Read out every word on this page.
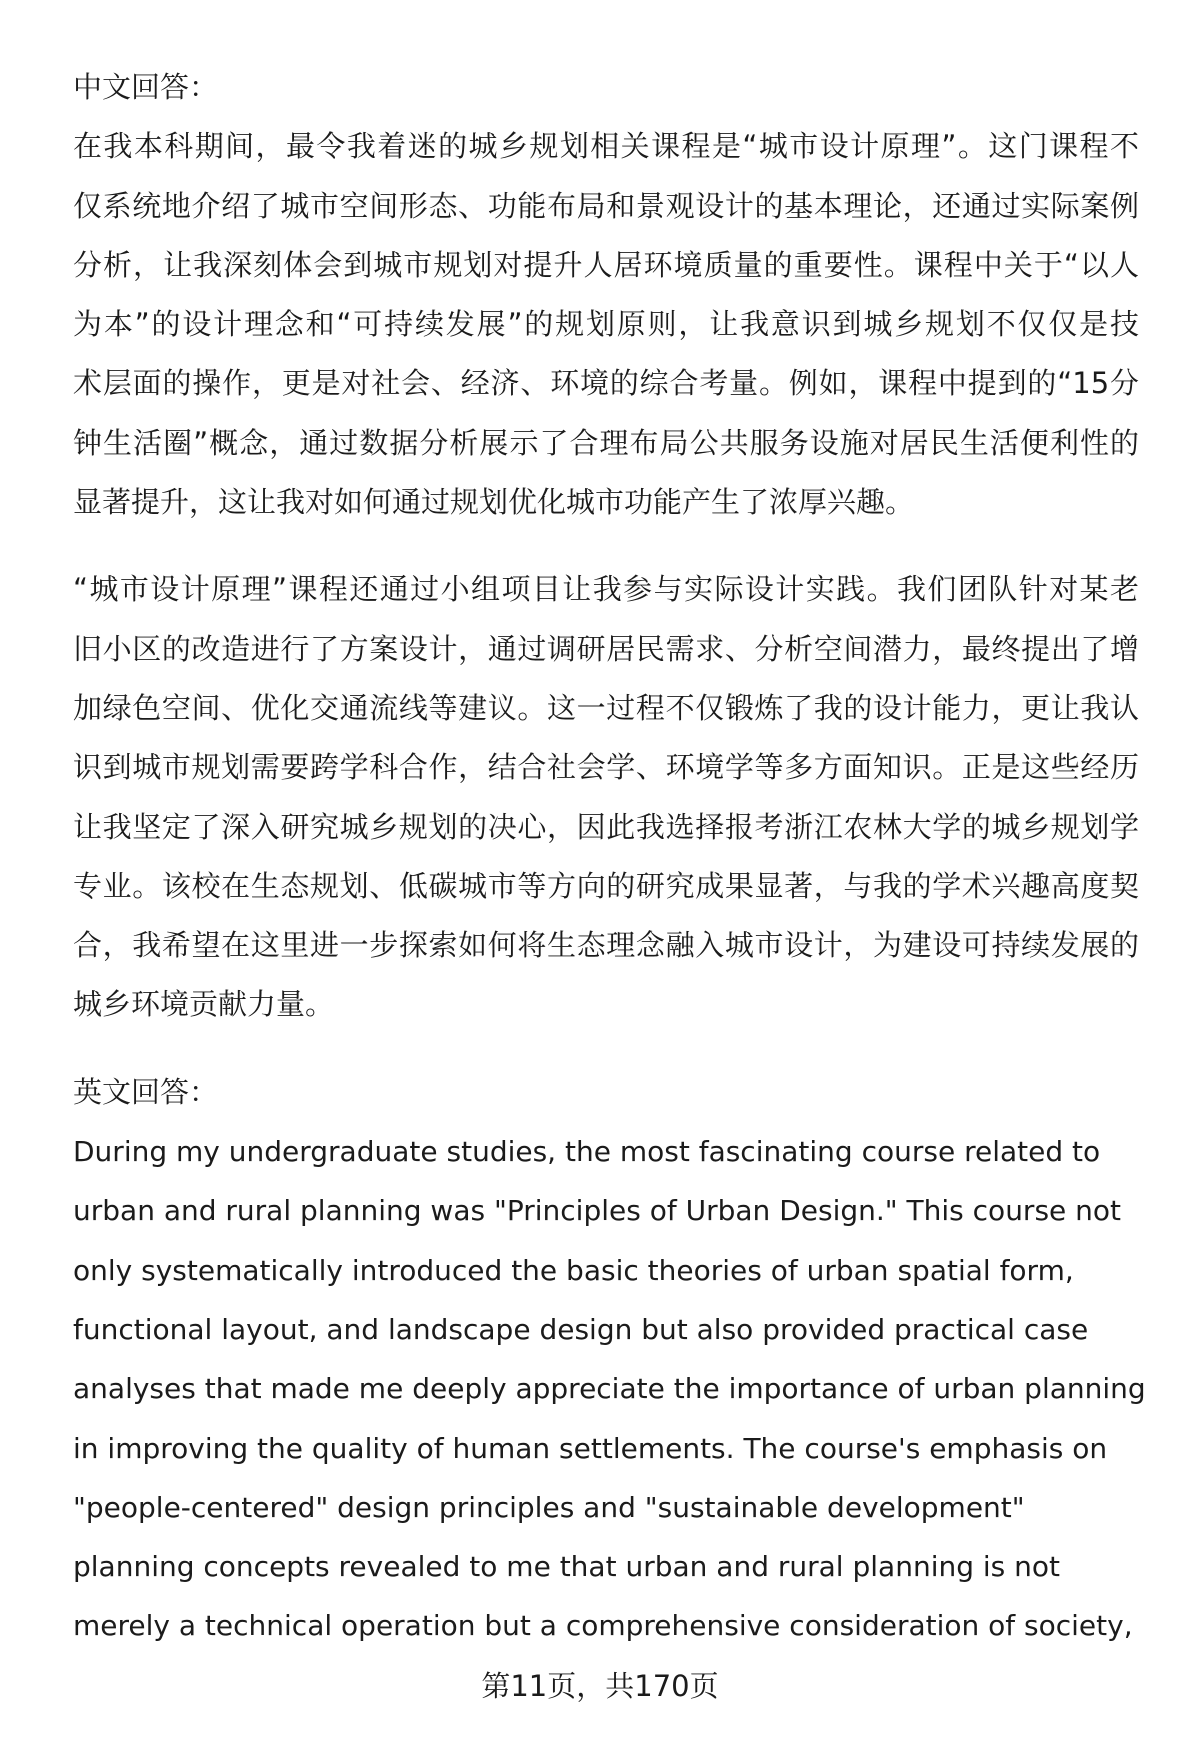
中文回答：
在我本科期间，最令我着迷的城乡规划相关课程是“城市设计原理”。这门课程不
仅系统地介绍了城市空间形态、功能布局和景观设计的基本理论，还通过实际案例
分析，让我深刻体会到城市规划对提升人居环境质量的重要性。课程中关于“以人
为本”的设计理念和“可持续发展”的规划原则，让我意识到城乡规划不仅仅是技
术层面的操作，更是对社会、经济、环境的综合考量。例如，课程中提到的“15分
钟生活圈”概念，通过数据分析展示了合理布局公共服务设施对居民生活便利性的
显著提升，这让我对如何通过规划优化城市功能产生了浓厚兴趣。
“城市设计原理”课程还通过小组项目让我参与实际设计实践。我们团队针对某老
旧小区的改造进行了方案设计，通过调研居民需求、分析空间潜力，最终提出了增
加绿色空间、优化交通流线等建议。这一过程不仅锻炼了我的设计能力，更让我认
识到城市规划需要跨学科合作，结合社会学、环境学等多方面知识。正是这些经历
让我坚定了深入研究城乡规划的决心，因此我选择报考浙江农林大学的城乡规划学
专业。该校在生态规划、低碳城市等方向的研究成果显著，与我的学术兴趣高度契
合，我希望在这里进一步探索如何将生态理念融入城市设计，为建设可持续发展的
城乡环境贡献力量。
英文回答：
During my undergraduate studies, the most fascinating course related to
urban and rural planning was "Principles of Urban Design." This course not
only systematically introduced the basic theories of urban spatial form,
functional layout, and landscape design but also provided practical case
analyses that made me deeply appreciate the importance of urban planning
in improving the quality of human settlements. The course's emphasis on
"people-centered" design principles and "sustainable development"
planning concepts revealed to me that urban and rural planning is not
merely a technical operation but a comprehensive consideration of society,
第11页，共170页
